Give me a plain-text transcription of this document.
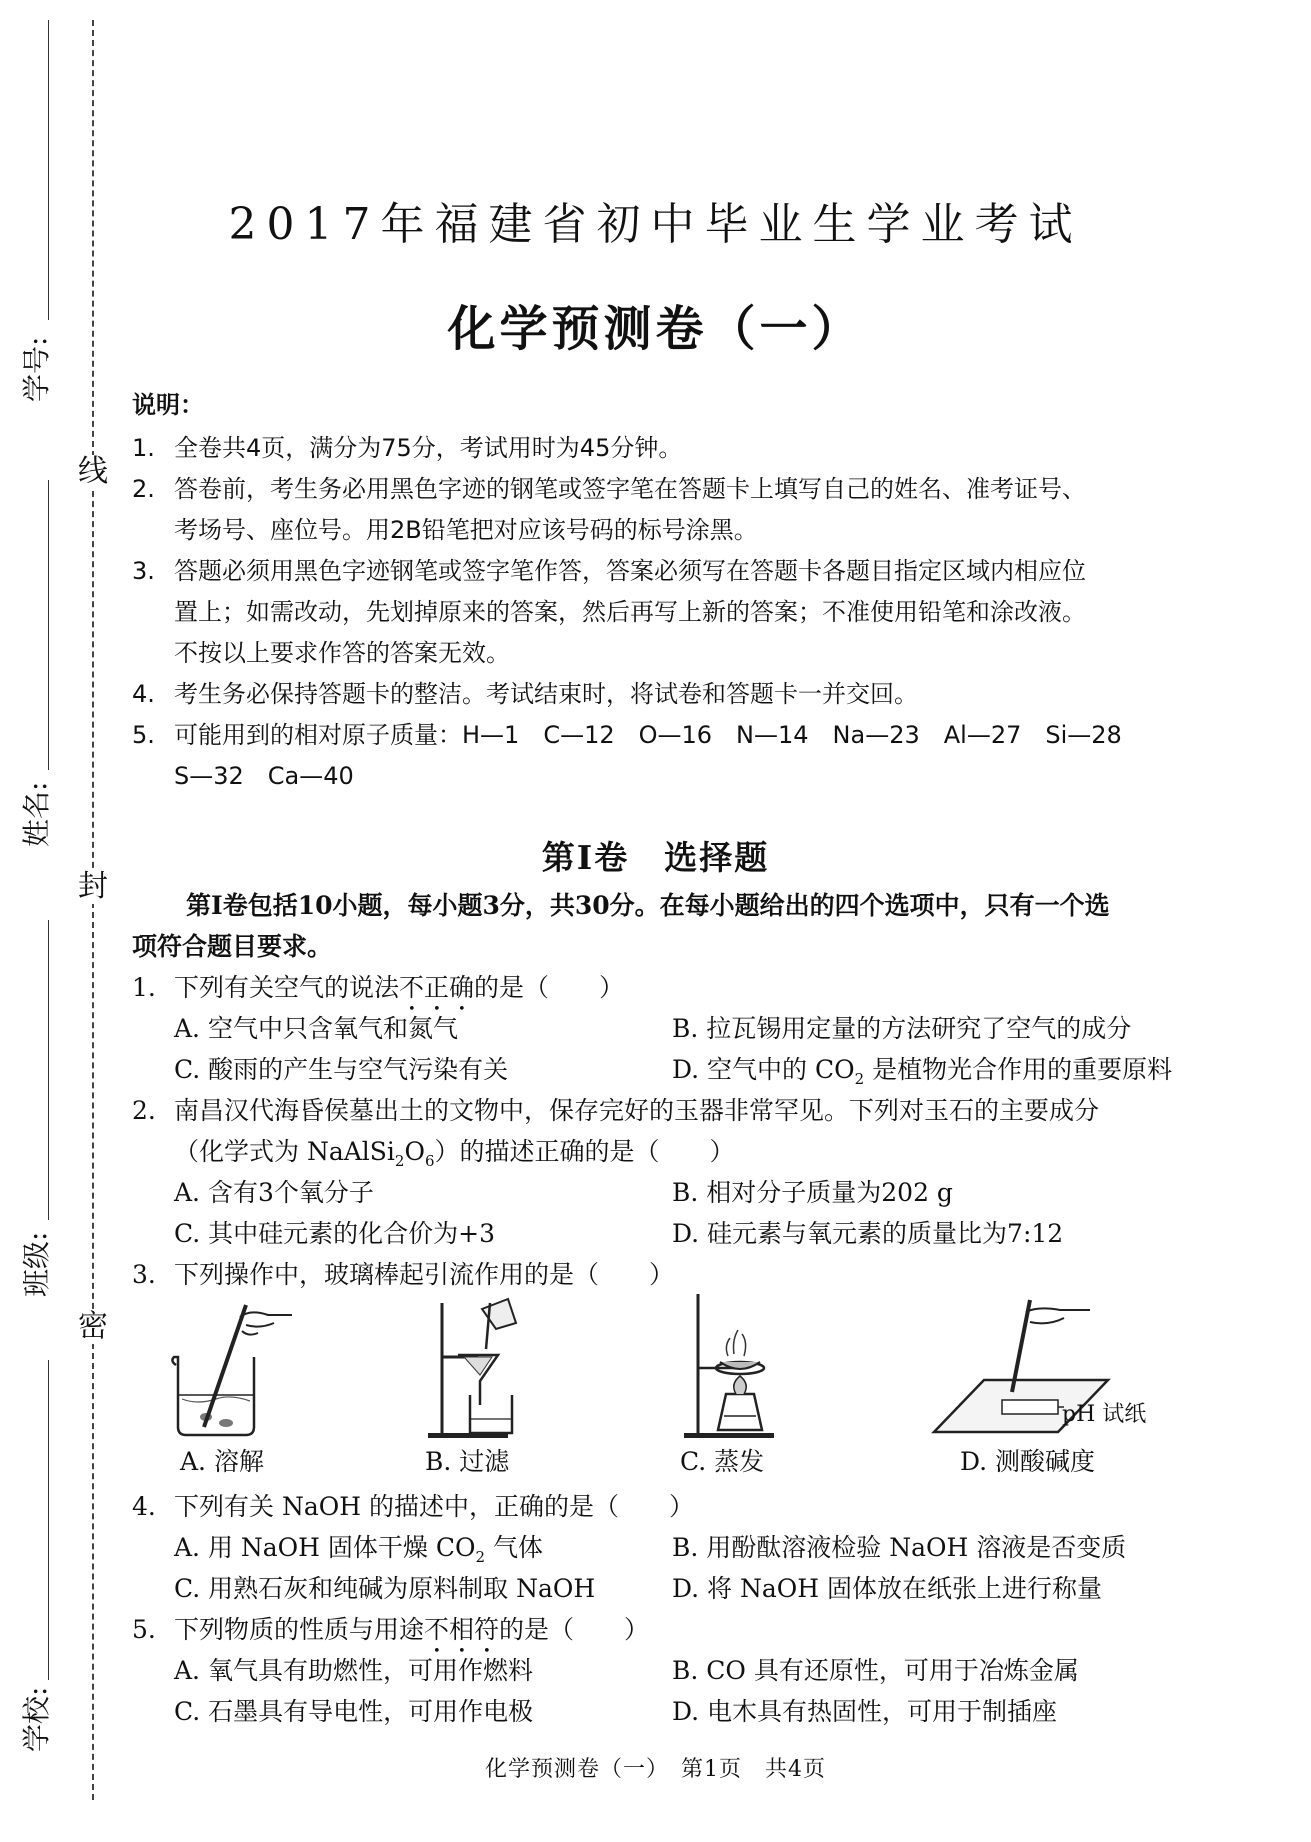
线
封
密
学号:
姓名:
班级:
学校:
2017年福建省初中毕业生学业考试
化学预测卷（一）
说明：
1. 全卷共4页，满分为75分，考试用时为45分钟。
2. 答卷前，考生务必用黑色字迹的钢笔或签字笔在答题卡上填写自己的姓名、准考证号、
考场号、座位号。用2B铅笔把对应该号码的标号涂黑。
3. 答题必须用黑色字迹钢笔或签字笔作答，答案必须写在答题卡各题目指定区域内相应位
置上；如需改动，先划掉原来的答案，然后再写上新的答案；不准使用铅笔和涂改液。
不按以上要求作答的答案无效。
4. 考生务必保持答题卡的整洁。考试结束时，将试卷和答题卡一并交回。
5. 可能用到的相对原子质量：H—1　C—12　O—16　N—14　Na—23　Al—27　Si—28
S—32　Ca—40
第Ⅰ卷　选择题
第Ⅰ卷包括10小题，每小题3分，共30分。在每小题给出的四个选项中，只有一个选
项符合题目要求。
1. 下列有关空气的说法不正确的是（　　）
A. 空气中只含氧气和氮气	B. 拉瓦锡用定量的方法研究了空气的成分
C. 酸雨的产生与空气污染有关	D. 空气中的 $CO_2$ 是植物光合作用的重要原料
2. 南昌汉代海昏侯墓出土的文物中，保存完好的玉器非常罕见。下列对玉石的主要成分
（化学式为 $NaAlSi_2O_6$）的描述正确的是（　　）
A. 含有3个氧分子	B. 相对分子质量为202 g
C. 其中硅元素的化合价为+3	D. 硅元素与氧元素的质量比为7:12
3. 下列操作中，玻璃棒起引流作用的是（　　）
pH 试纸
A. 溶解	B. 过滤	C. 蒸发	D. 测酸碱度
4. 下列有关 NaOH 的描述中，正确的是（　　）
A. 用 NaOH 固体干燥 $CO_2$ 气体	B. 用酚酞溶液检验 NaOH 溶液是否变质
C. 用熟石灰和纯碱为原料制取 NaOH	D. 将 NaOH 固体放在纸张上进行称量
5. 下列物质的性质与用途不相符的是（　　）
A. 氧气具有助燃性，可用作燃料	B. CO 具有还原性，可用于冶炼金属
C. 石墨具有导电性，可用作电极	D. 电木具有热固性，可用于制插座
化学预测卷（一）　第1页　共4页
